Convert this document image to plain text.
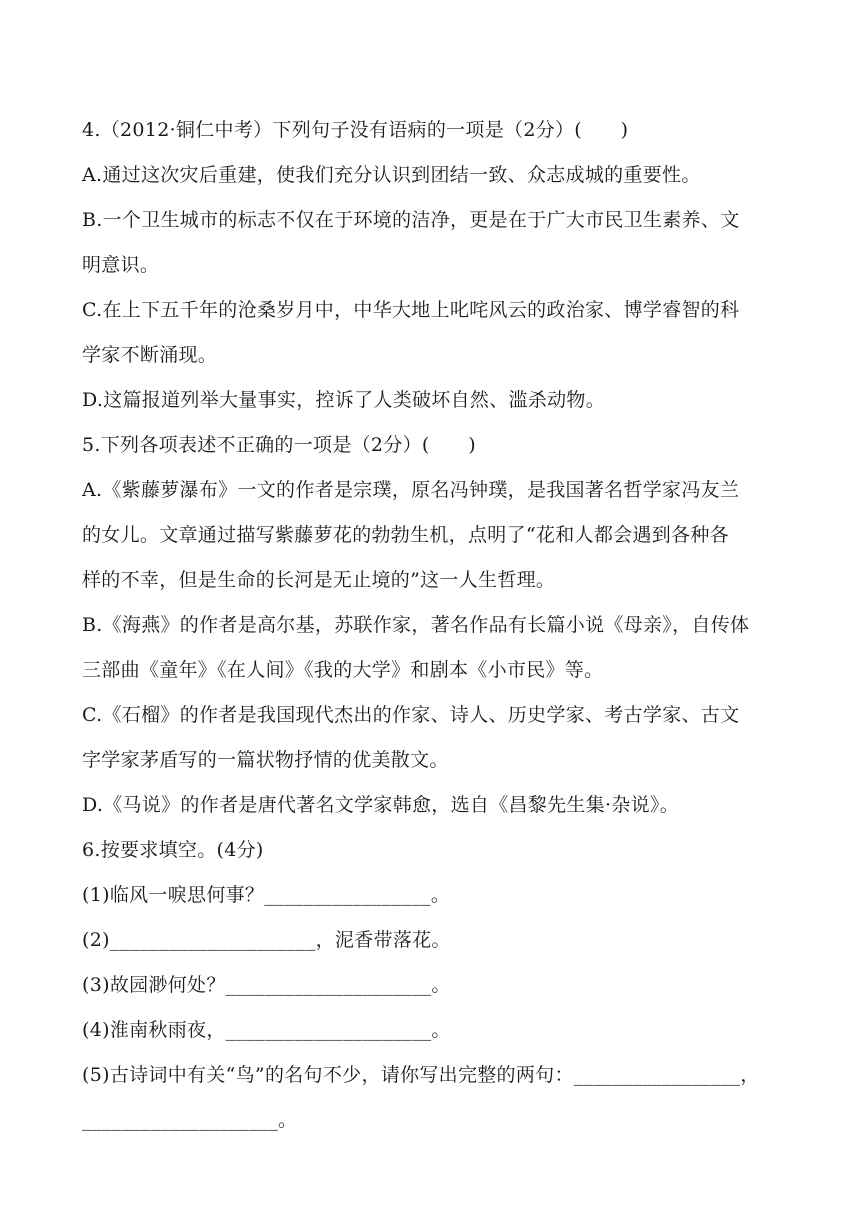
4.（2012·铜仁中考）下列句子没有语病的一项是（2分）(　　)
A.通过这次灾后重建，使我们充分认识到团结一致、众志成城的重要性。
B.一个卫生城市的标志不仅在于环境的洁净，更是在于广大市民卫生素养、文
明意识。
C.在上下五千年的沧桑岁月中，中华大地上叱咤风云的政治家、博学睿智的科
学家不断涌现。
D.这篇报道列举大量事实，控诉了人类破坏自然、滥杀动物。
5.下列各项表述不正确的一项是（2分）(　　)
A.《紫藤萝瀑布》一文的作者是宗璞，原名冯钟璞，是我国著名哲学家冯友兰
的女儿。文章通过描写紫藤萝花的勃勃生机，点明了“花和人都会遇到各种各
样的不幸，但是生命的长河是无止境的”这一人生哲理。
B.《海燕》的作者是高尔基，苏联作家，著名作品有长篇小说《母亲》，自传体
三部曲《童年》《在人间》《我的大学》和剧本《小市民》等。
C.《石榴》的作者是我国现代杰出的作家、诗人、历史学家、考古学家、古文
字学家茅盾写的一篇状物抒情的优美散文。
D.《马说》的作者是唐代著名文学家韩愈，选自《昌黎先生集·杂说》。
6.按要求填空。(4分)
(1)临风一唳思何事？_________________。
(2)_____________________，泥香带落花。
(3)故园渺何处？_____________________。
(4)淮南秋雨夜，_____________________。
(5)古诗词中有关“鸟”的名句不少，请你写出完整的两句：_________________，
____________________。
